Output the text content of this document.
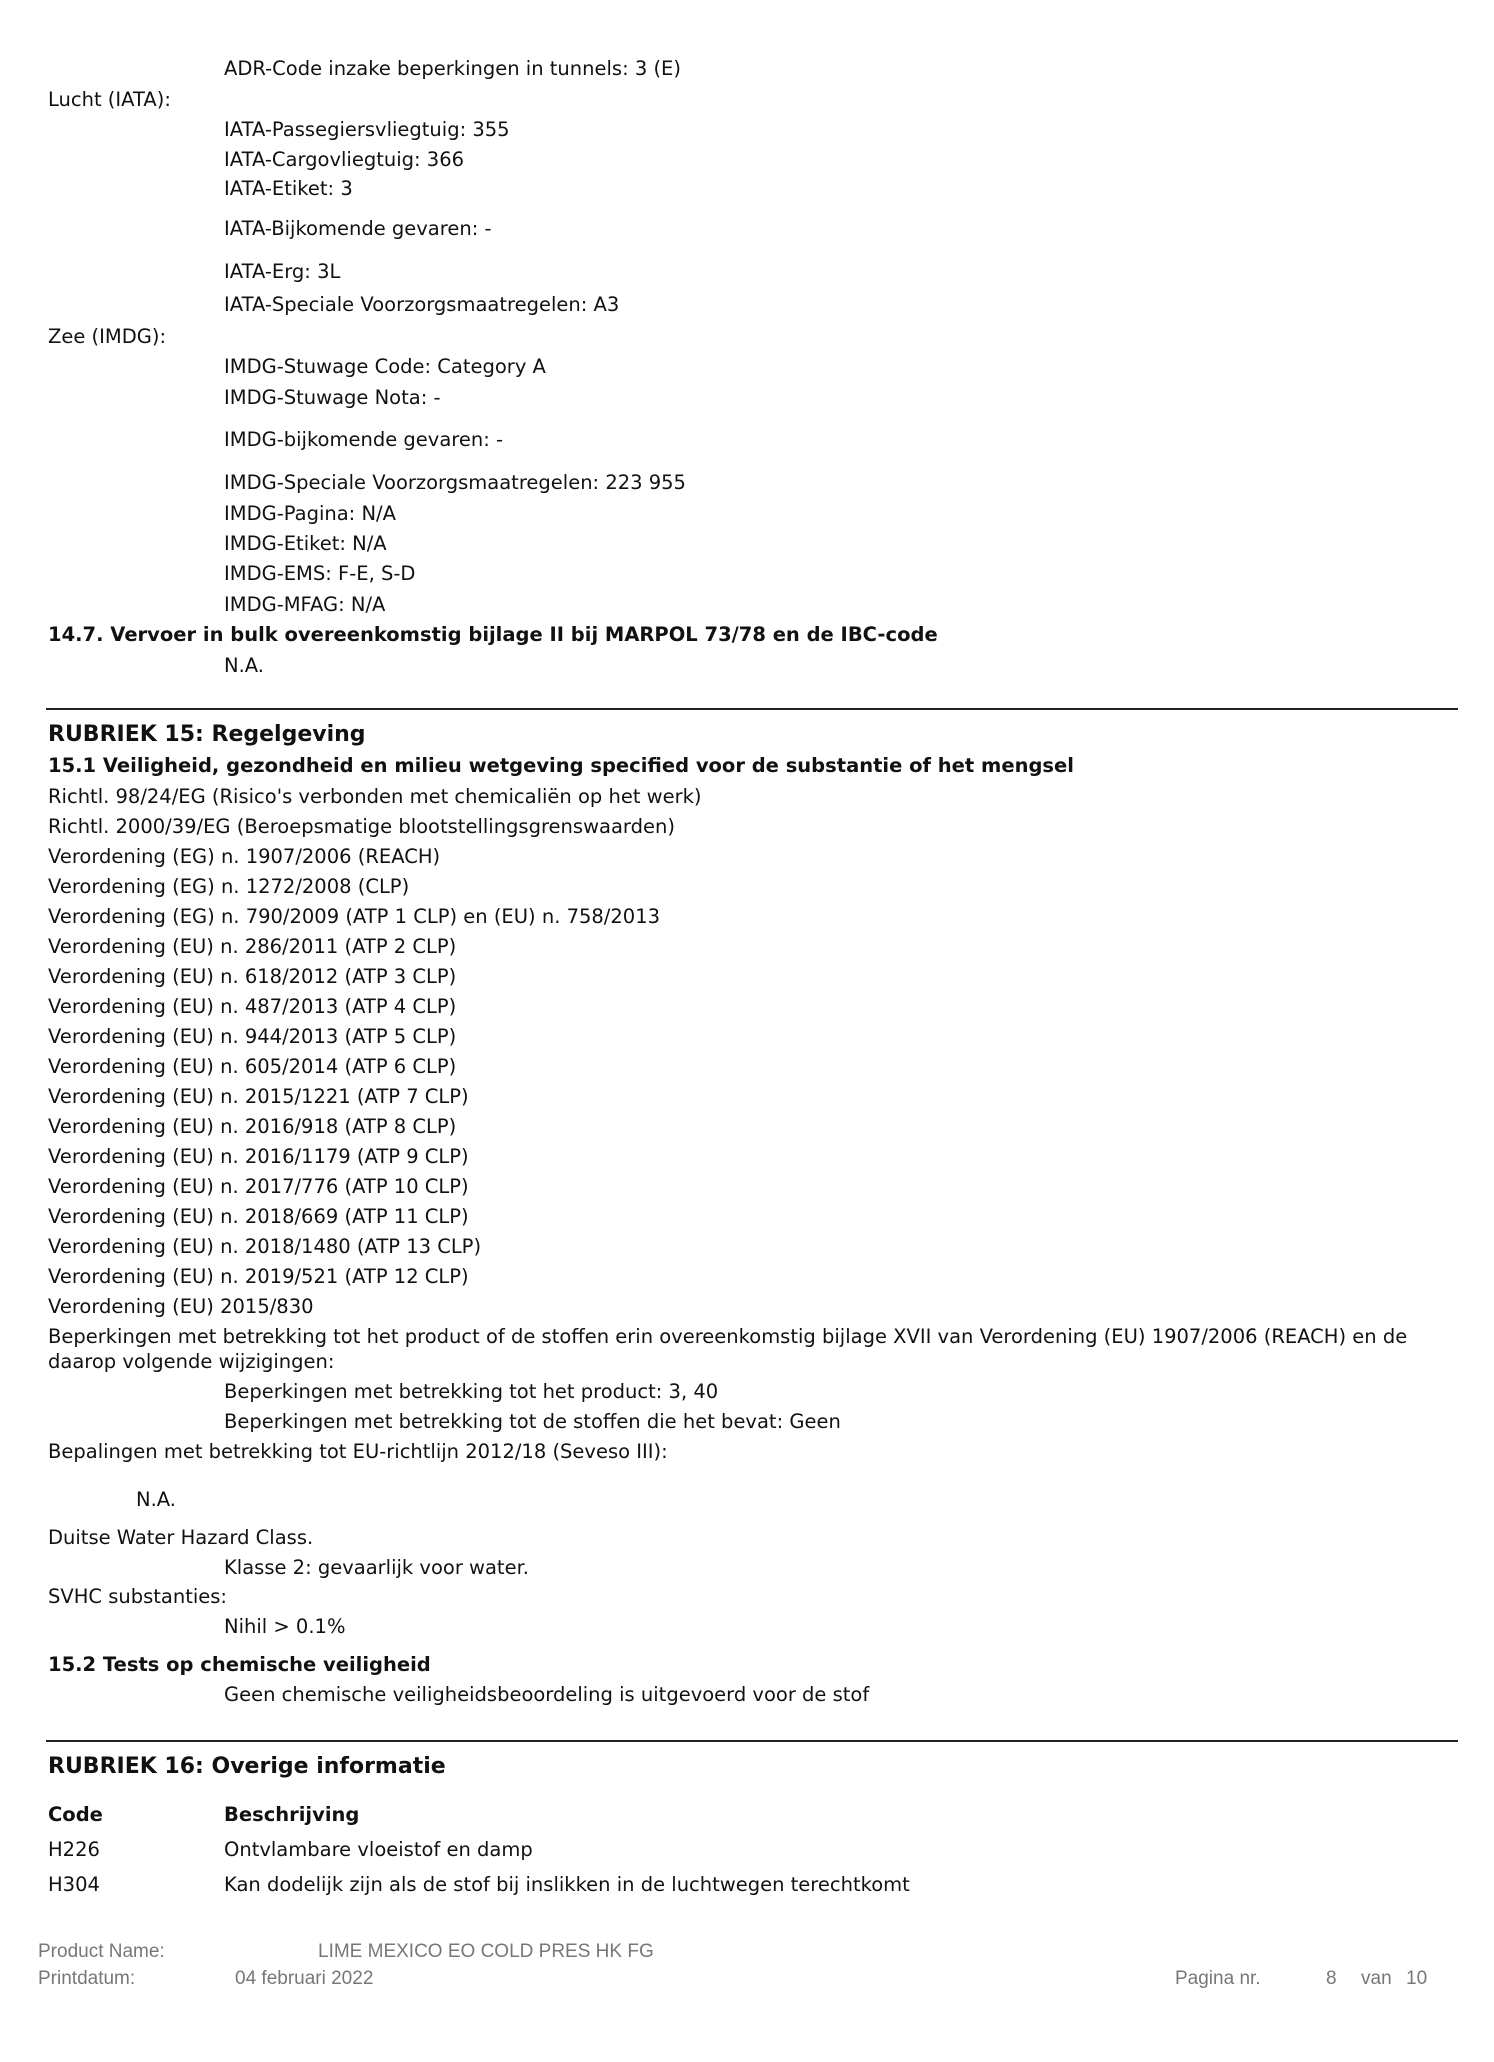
ADR-Code inzake beperkingen in tunnels: 3 (E)
Lucht (IATA):
IATA-Passegiersvliegtuig: 355
IATA-Cargovliegtuig: 366
IATA-Etiket: 3
IATA-Bijkomende gevaren: -
IATA-Erg: 3L
IATA-Speciale Voorzorgsmaatregelen: A3
Zee (IMDG):
IMDG-Stuwage Code: Category A
IMDG-Stuwage Nota: -
IMDG-bijkomende gevaren: -
IMDG-Speciale Voorzorgsmaatregelen: 223 955
IMDG-Pagina: N/A
IMDG-Etiket: N/A
IMDG-EMS: F-E, S-D
IMDG-MFAG: N/A
14.7. Vervoer in bulk overeenkomstig bijlage II bij MARPOL 73/78 en de IBC-code
N.A.
RUBRIEK 15: Regelgeving
15.1 Veiligheid, gezondheid en milieu wetgeving specified voor de substantie of het mengsel
Richtl. 98/24/EG (Risico's verbonden met chemicaliën op het werk)
Richtl. 2000/39/EG (Beroepsmatige blootstellingsgrenswaarden)
Verordening (EG) n. 1907/2006 (REACH)
Verordening (EG) n. 1272/2008 (CLP)
Verordening (EG) n. 790/2009 (ATP 1 CLP) en (EU) n. 758/2013
Verordening (EU) n. 286/2011 (ATP 2 CLP)
Verordening (EU) n. 618/2012 (ATP 3 CLP)
Verordening (EU) n. 487/2013 (ATP 4 CLP)
Verordening (EU) n. 944/2013 (ATP 5 CLP)
Verordening (EU) n. 605/2014 (ATP 6 CLP)
Verordening (EU) n. 2015/1221 (ATP 7 CLP)
Verordening (EU) n. 2016/918 (ATP 8 CLP)
Verordening (EU) n. 2016/1179 (ATP 9 CLP)
Verordening (EU) n. 2017/776 (ATP 10 CLP)
Verordening (EU) n. 2018/669 (ATP 11 CLP)
Verordening (EU) n. 2018/1480 (ATP 13 CLP)
Verordening (EU) n. 2019/521 (ATP 12 CLP)
Verordening (EU) 2015/830
Beperkingen met betrekking tot het product of de stoffen erin overeenkomstig bijlage XVII van Verordening (EU) 1907/2006 (REACH) en de
daarop volgende wijzigingen:
Beperkingen met betrekking tot het product: 3, 40
Beperkingen met betrekking tot de stoffen die het bevat: Geen
Bepalingen met betrekking tot EU-richtlijn 2012/18 (Seveso III):
N.A.
Duitse Water Hazard Class.
Klasse 2: gevaarlijk voor water.
SVHC substanties:
Nihil > 0.1%
15.2 Tests op chemische veiligheid
Geen chemische veiligheidsbeoordeling is uitgevoerd voor de stof
RUBRIEK 16: Overige informatie
Code	Beschrijving
H226	Ontvlambare vloeistof en damp
H304	Kan dodelijk zijn als de stof bij inslikken in de luchtwegen terechtkomt
Product Name:	LIME MEXICO EO COLD PRES HK FG
Printdatum:	04 februari 2022	Pagina nr.	8 van 10
